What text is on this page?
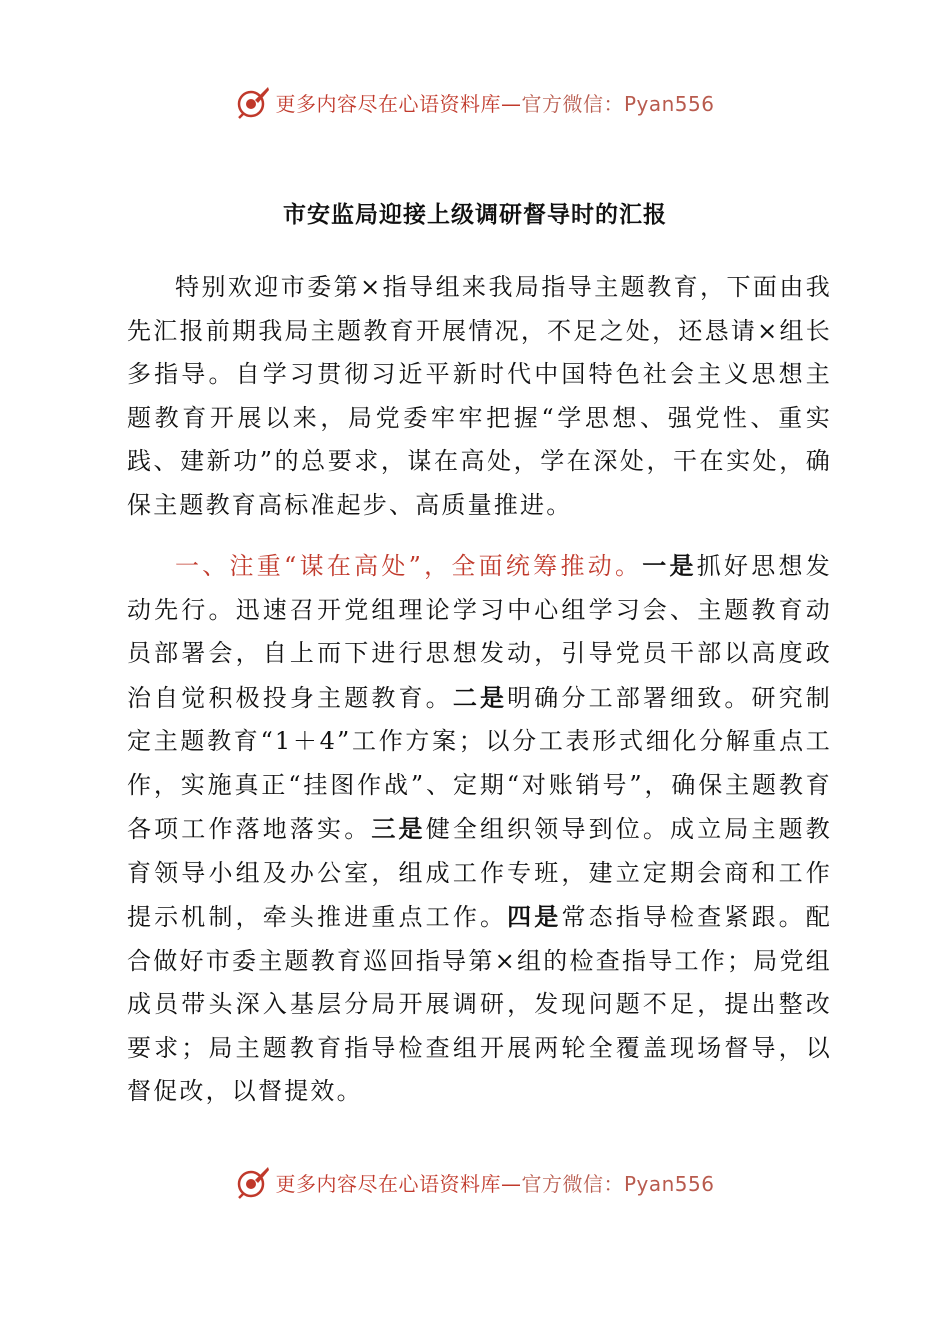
更多内容尽在心语资料库—官方微信：Pyan556
市安监局迎接上级调研督导时的汇报

特别欢迎市委第×指导组来我局指导主题教育，下面由我先汇报前期我局主题教育开展情况，不足之处，还恳请×组长多指导。自学习贯彻习近平新时代中国特色社会主义思想主题教育开展以来，局党委牢牢把握“学思想、强党性、重实践、建新功”的总要求，谋在高处，学在深处，干在实处，确保主题教育高标准起步、高质量推进。

一、注重“谋在高处”，全面统筹推动。一是抓好思想发动先行。迅速召开党组理论学习中心组学习会、主题教育动员部署会，自上而下进行思想发动，引导党员干部以高度政治自觉积极投身主题教育。二是明确分工部署细致。研究制定主题教育“1＋4”工作方案；以分工表形式细化分解重点工作，实施真正“挂图作战”、定期“对账销号”，确保主题教育各项工作落地落实。三是健全组织领导到位。成立局主题教育领导小组及办公室，组成工作专班，建立定期会商和工作提示机制，牵头推进重点工作。四是常态指导检查紧跟。配合做好市委主题教育巡回指导第×组的检查指导工作；局党组成员带头深入基层分局开展调研，发现问题不足，提出整改要求；局主题教育指导检查组开展两轮全覆盖现场督导，以督促改，以督提效。

更多内容尽在心语资料库—官方微信：Pyan556
